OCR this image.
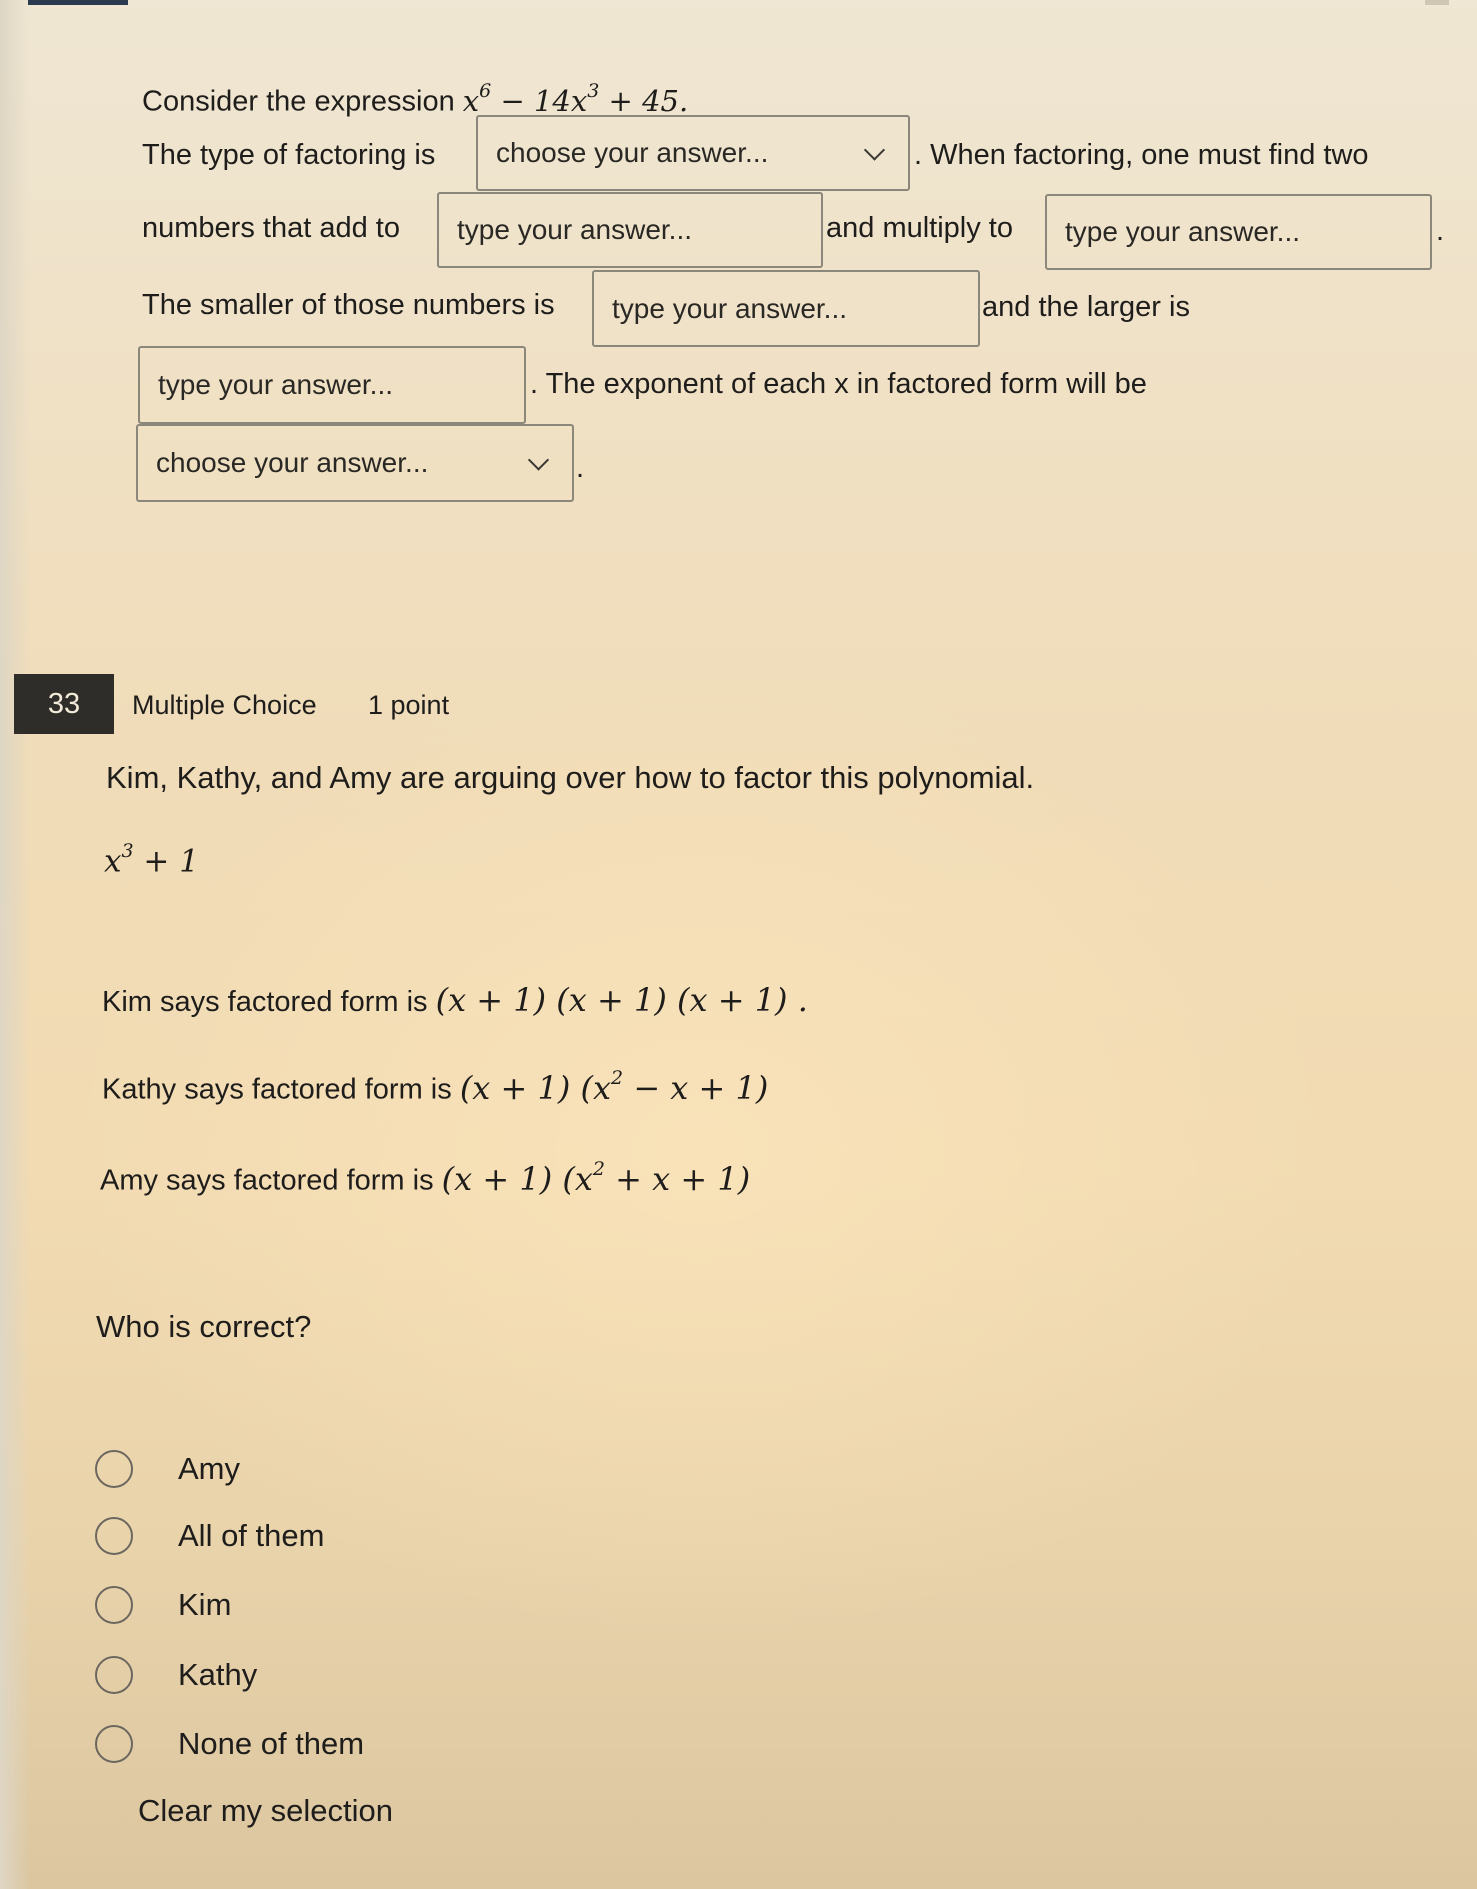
Consider the expression $x^6 - 14x^3 + 45$.
The type of factoring is choose your answer...	. When factoring, one must find two
numbers that add to type your answer...	and multiply to type your answer...	.
The smaller of those numbers is type your answer...	and the larger is
type your answer...	. The exponent of each x in factored form will be
choose your answer...	.
33	Multiple Choice 1 point
Kim, Kathy, and Amy are arguing over how to factor this polynomial.
$x^3 + 1$
Kim says factored form is (x + 1) (x + 1) (x + 1) .
Kathy says factored form is (x + 1) $(x^2 - x + 1)$
Amy says factored form is (x + 1) $(x^2 + x + 1)$
Who is correct?
Amy
All of them
Kim
Kathy
None of them
Clear my selection
